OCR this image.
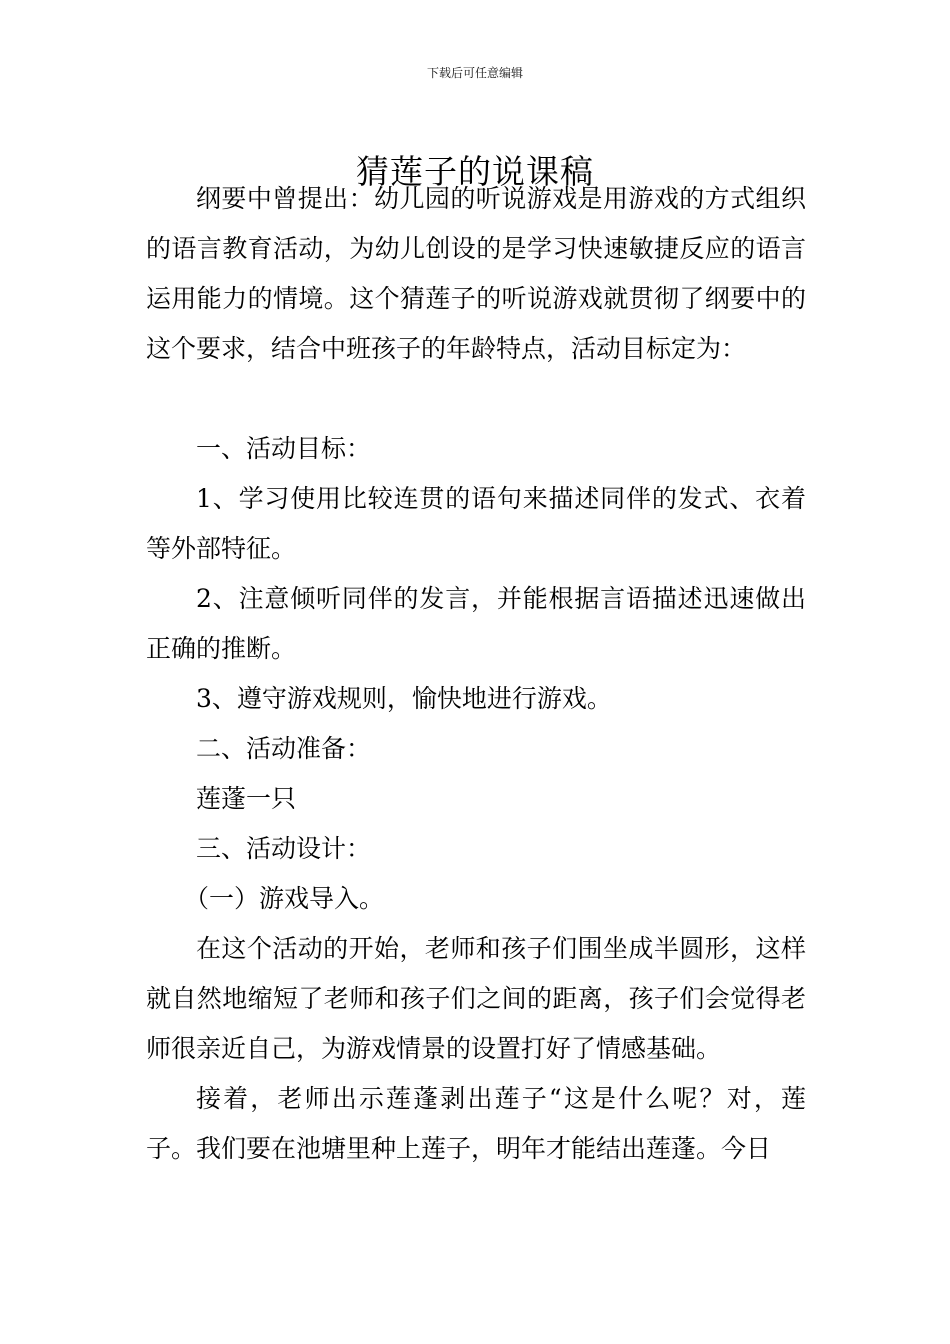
下载后可任意编辑
猜莲子的说课稿

纲要中曾提出：幼儿园的听说游戏是用游戏的方式组织的语言教育活动，为幼儿创设的是学习快速敏捷反应的语言运用能力的情境。这个猜莲子的听说游戏就贯彻了纲要中的这个要求，结合中班孩子的年龄特点，活动目标定为：

一、活动目标：

1、学习使用比较连贯的语句来描述同伴的发式、衣着等外部特征。

2、注意倾听同伴的发言，并能根据言语描述迅速做出正确的推断。

3、遵守游戏规则，愉快地进行游戏。

二、活动准备：

莲蓬一只

三、活动设计：

（一）游戏导入。

在这个活动的开始，老师和孩子们围坐成半圆形，这样就自然地缩短了老师和孩子们之间的距离，孩子们会觉得老师很亲近自己，为游戏情景的设置打好了情感基础。

接着，老师出示莲蓬剥出莲子“这是什么呢？对，莲子。我们要在池塘里种上莲子，明年才能结出莲蓬。今日
